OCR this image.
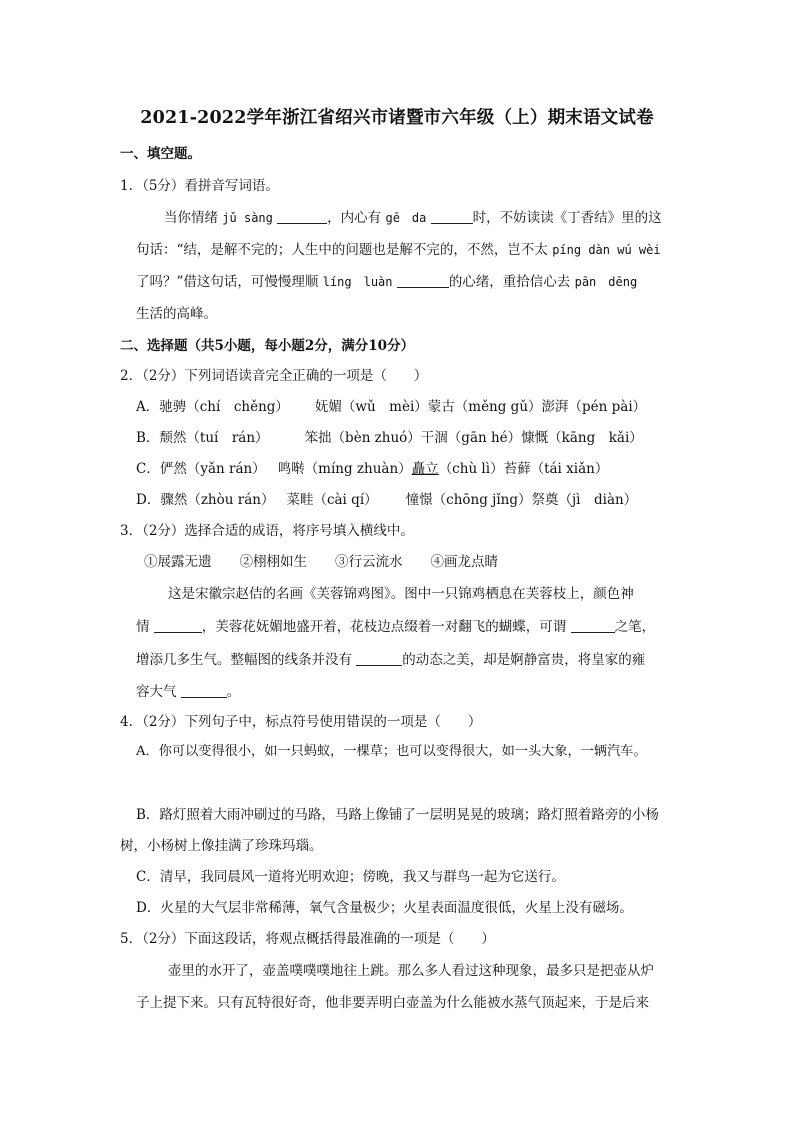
2021-2022学年浙江省绍兴市诸暨市六年级（上）期末语文试卷
一、填空题。
1．（5分）看拼音写词语。
当你情绪 jǔ sàng	，内心有 gē　da	时，不妨读读《丁香结》里的这
句话：“结，是解不完的；人生中的问题也是解不完的，不然，岂不太 píng dàn wú wèi
了吗？”借这句话，可慢慢理顺 líng　luàn	的心绪，重拾信心去 pān　dēng
生活的高峰。
二、选择题（共5小题，每小题2分，满分10分）
2．（2分）下列词语读音完全正确的一项是（　　）
A．驰骋（chí　chěng） 妩媚（wǔ　mèi）蒙古（měng gǔ）澎湃（pén pài）
B．颓然（tuí　rán）	笨拙（bèn zhuó）干涸（gān hé）慷慨（kāng　kǎi）
C．俨然（yǎn rán） 鸣啭（míng zhuàn）矗立（chù lì）苔藓（tái xiǎn）
D．骤然（zhòu rán） 菜畦（cài qí） 憧憬（chōng jǐng）祭奠（jì　diàn）
3．（2分）选择合适的成语，将序号填入横线中。
①展露无遗 ②栩栩如生 ③行云流水 ④画龙点睛
这是宋徽宗赵佶的名画《芙蓉锦鸡图》。图中一只锦鸡栖息在芙蓉枝上，颜色神
情	，芙蓉花妩媚地盛开着，花枝边点缀着一对翻飞的蝴蝶，可谓	之笔，
增添几多生气。整幅图的线条并没有	的动态之美，却是婀静富贵，将皇家的雍
容大气	。
4．（2分）下列句子中，标点符号使用错误的一项是（　　）
A．你可以变得很小，如一只蚂蚁，一棵草；也可以变得很大，如一头大象，一辆汽车。
B．路灯照着大雨冲刷过的马路，马路上像铺了一层明晃晃的玻璃；路灯照着路旁的小杨
树，小杨树上像挂满了珍珠玛瑙。
C．清早，我同晨风一道将光明欢迎；傍晚，我又与群鸟一起为它送行。
D．火星的大气层非常稀薄，氧气含量极少；火星表面温度很低，火星上没有磁场。
5．（2分）下面这段话，将观点概括得最准确的一项是（　　）
壶里的水开了，壶盖噗噗噗地往上跳。那么多人看过这种现象，最多只是把壶从炉
子上提下来。只有瓦特很好奇，他非要弄明白壶盖为什么能被水蒸气顶起来，于是后来
